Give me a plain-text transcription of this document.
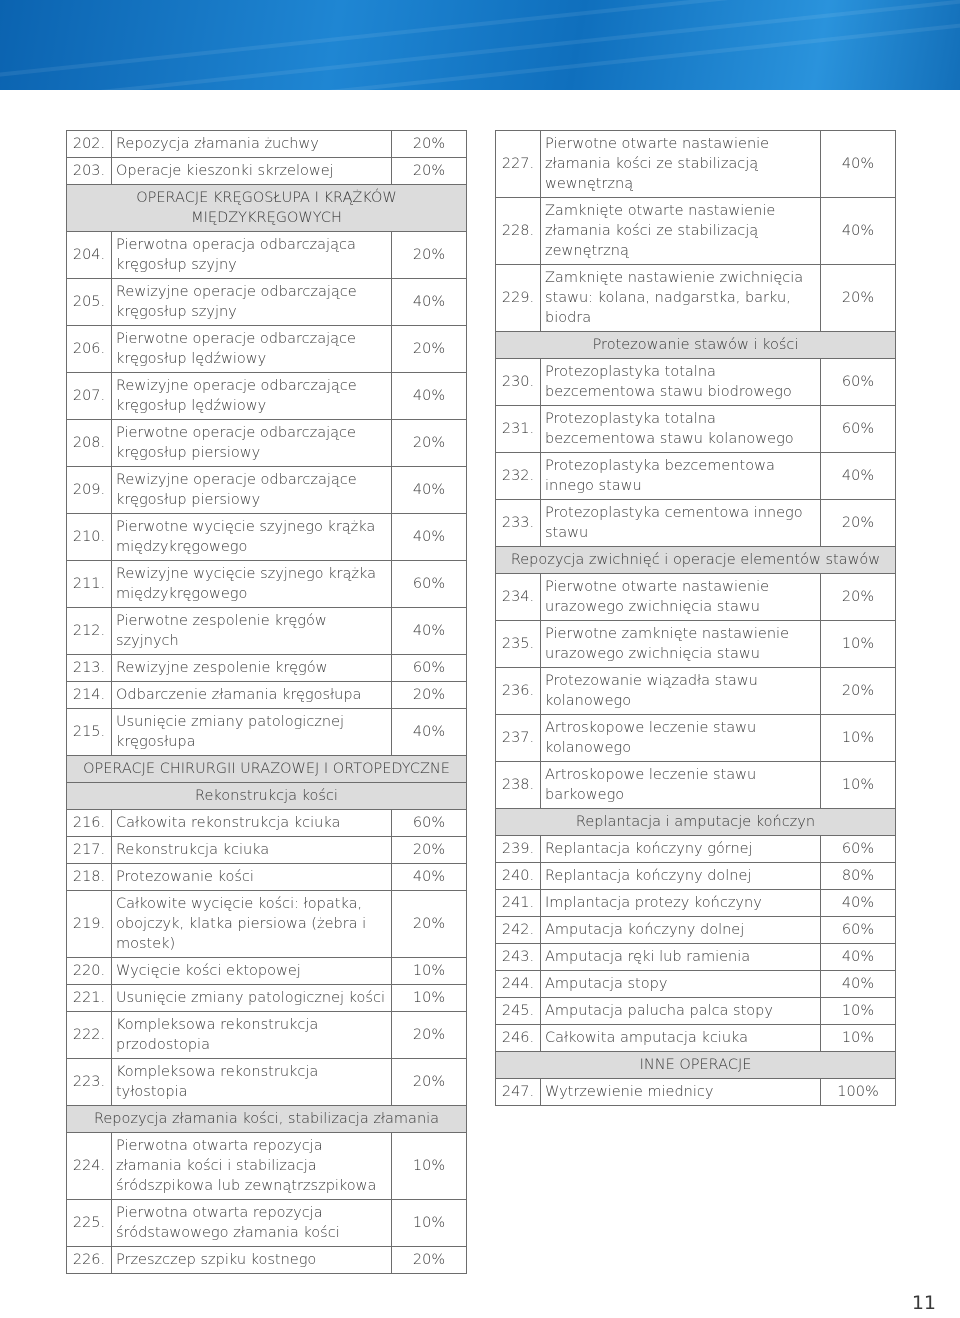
202.	Repozycja złamania żuchwy	20%
203.	Operacje kieszonki skrzelowej	20%
OPERACJE KRĘGOSŁUPA I KRĄŻKÓW MIĘDZYKRĘGOWYCH		
204.	Pierwotna operacja odbarczająca kręgosłup szyjny	20%
205.	Rewizyjne operacje odbarczające kręgosłup szyjny	40%
206.	Pierwotne operacje odbarczające kręgosłup lędźwiowy	20%
207.	Rewizyjne operacje odbarczające kręgosłup lędźwiowy	40%
208.	Pierwotne operacje odbarczające kręgosłup piersiowy	20%
209.	Rewizyjne operacje odbarczające kręgosłup piersiowy	40%
210.	Pierwotne wycięcie szyjnego krążka międzykręgowego	40%
211.	Rewizyjne wycięcie szyjnego krążka międzykręgowego	60%
212.	Pierwotne zespolenie kręgów szyjnych	40%
213.	Rewizyjne zespolenie kręgów	60%
214.	Odbarczenie złamania kręgosłupa	20%
215.	Usunięcie zmiany patologicznej kręgosłupa	40%
OPERACJE CHIRURGII URAZOWEJ I ORTOPEDYCZNE		
Rekonstrukcja kości		
216.	Całkowita rekonstrukcja kciuka	60%
217.	Rekonstrukcja kciuka	20%
218.	Protezowanie kości	40%
219.	Całkowite wycięcie kości: łopatka, obojczyk, klatka piersiowa (żebra i mostek)	20%
220.	Wycięcie kości ektopowej	10%
221.	Usunięcie zmiany patologicznej kości	10%
222.	Kompleksowa rekonstrukcja przodostopia	20%
223.	Kompleksowa rekonstrukcja tyłostopia	20%
Repozycja złamania kości, stabilizacja złamania		
224.	Pierwotna otwarta repozycja złamania kości i stabilizacja śródszpikowa lub zewnątrzszpikowa	10%
225.	Pierwotna otwarta repozycja śródstawowego złamania kości	10%
226.	Przeszczep szpiku kostnego	20%
227.	Pierwotne otwarte nastawienie złamania kości ze stabilizacją wewnętrzną	40%
228.	Zamknięte otwarte nastawienie złamania kości ze stabilizacją zewnętrzną	40%
229.	Zamknięte nastawienie zwichnięcia stawu: kolana, nadgarstka, barku, biodra	20%
Protezowanie stawów i kości		
230.	Protezoplastyka totalna bezcementowa stawu biodrowego	60%
231.	Protezoplastyka totalna bezcementowa stawu kolanowego	60%
232.	Protezoplastyka bezcementowa innego stawu	40%
233.	Protezoplastyka cementowa innego stawu	20%
Repozycja zwichnięć i operacje elementów stawów		
234.	Pierwotne otwarte nastawienie urazowego zwichnięcia stawu	20%
235.	Pierwotne zamknięte nastawienie urazowego zwichnięcia stawu	10%
236.	Protezowanie wiązadła stawu kolanowego	20%
237.	Artroskopowe leczenie stawu kolanowego	10%
238.	Artroskopowe leczenie stawu barkowego	10%
Replantacja i amputacje kończyn		
239.	Replantacja kończyny górnej	60%
240.	Replantacja kończyny dolnej	80%
241.	Implantacja protezy kończyny	40%
242.	Amputacja kończyny dolnej	60%
243.	Amputacja ręki lub ramienia	40%
244.	Amputacja stopy	40%
245.	Amputacja palucha palca stopy	10%
246.	Całkowita amputacja kciuka	10%
INNE OPERACJE		
247.	Wytrzewienie miednicy	100%
11
